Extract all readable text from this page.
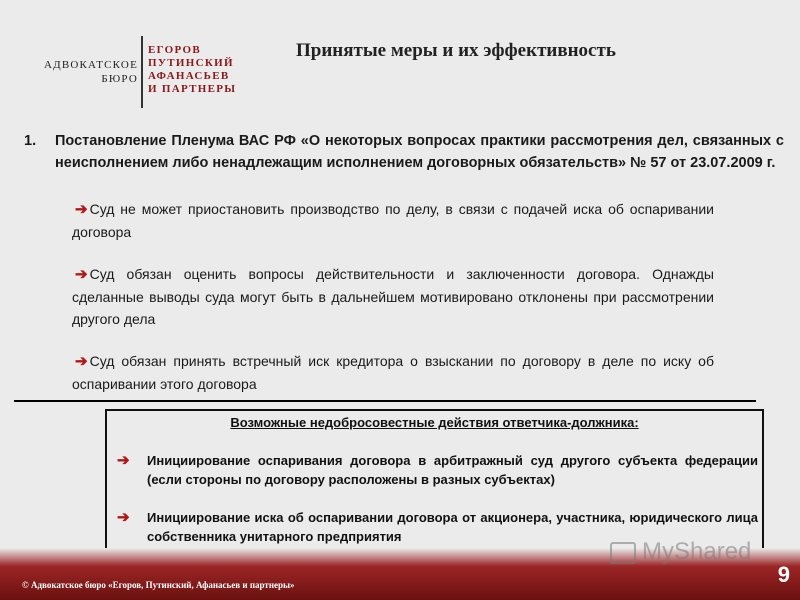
АДВОКАТСКОЕ
БЮРО
ЕГОРОВ
ПУТИНСКИЙ
АФАНАСЬЕВ
И ПАРТНЕРЫ
Принятые меры и их эффективность
1. Постановление Пленума ВАС РФ «О некоторых вопросах практики рассмотрения дел, связанных с неисполнением либо ненадлежащим исполнением договорных обязательств» № 57 от 23.07.2009 г.
➔ Суд не может приостановить производство по делу, в связи с подачей иска об оспаривании договора
➔ Суд обязан оценить вопросы действительности и заключенности договора. Однажды сделанные выводы суда могут быть в дальнейшем мотивировано отклонены при рассмотрении другого дела
➔ Суд обязан принять встречный иск кредитора о взыскании по договору в деле по иску об оспаривании этого договора
Возможные недобросовестные действия ответчика-должника:
➔ Инициирование оспаривания договора в арбитражный суд другого субъекта федерации (если стороны по договору расположены в разных субъектах)
➔ Инициирование иска об оспаривании договора от акционера, участника, юридического лица собственника унитарного предприятия
MyShared
© Адвокатское бюро «Егоров, Путинский, Афанасьев и партнеры»	9
